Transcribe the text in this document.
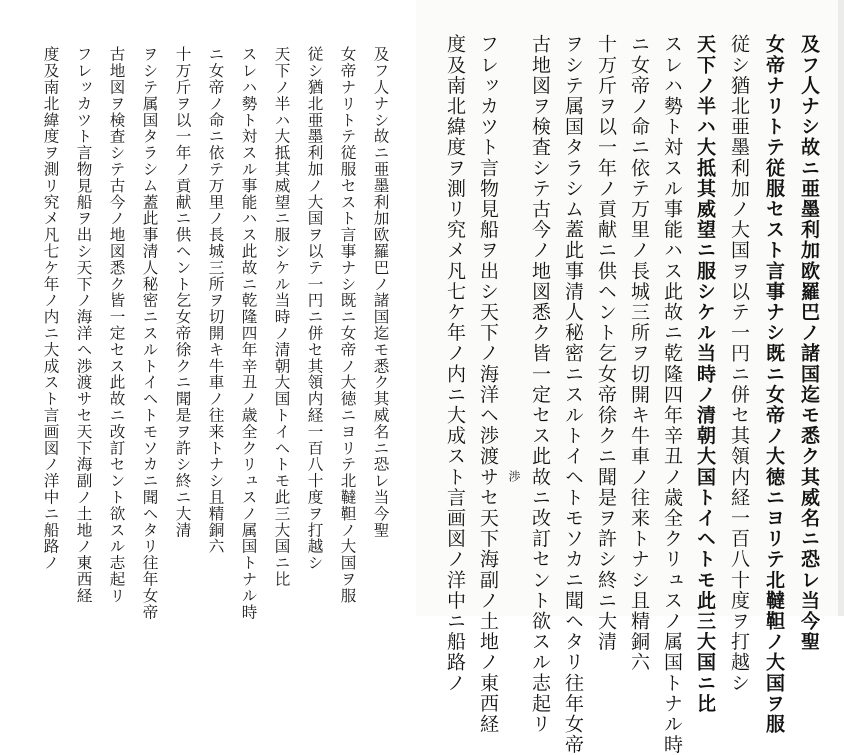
及フ人ナシ故ニ亜墨利加欧羅巴ノ諸国迄モ悉ク其威名ニ恐レ当今聖
女帝ナリトテ従服セスト言事ナシ既ニ女帝ノ大徳ニヨリテ北韃靼ノ大国ヲ服
従シ猶北亜墨利加ノ大国ヲ以テ一円ニ併セ其領内経一百八十度ヲ打越シ
天下ノ半ハ大抵其威望ニ服シケル当時ノ清朝大国トイヘトモ此三大国ニ比
スレハ勢ト対スル事能ハス此故ニ乾隆四年辛丑ノ歳全クリュスノ属国トナル時
ニ女帝ノ命ニ依テ万里ノ長城三所ヲ切開キ牛車ノ往来トナシ且精銅六
十万斤ヲ以一年ノ貢献ニ供ヘント乞女帝徐クニ聞是ヲ許シ終ニ大清
ヲシテ属国タラシム蓋此事清人秘密ニスルトイヘトモソカニ聞ヘタリ往年女帝
古地図ヲ検査シテ古今ノ地図悉ク皆一定セス此故ニ改訂セント欲スル志起リ
フレッカツト言物見船ヲ出シ天下ノ海洋ヘ渉渡サセ天下海副ノ土地ノ東西経
度及南北緯度ヲ測リ究メ凡七ケ年ノ内ニ大成スト言画図ノ洋中ニ船路ノ	及フ人ナシ故ニ亜墨利加欧羅巴ノ諸国迄モ悉ク其威名ニ恐レ当今聖
女帝ナリトテ従服セスト言事ナシ既ニ女帝ノ大徳ニヨリテ北韃靼ノ大国ヲ服
従シ猶北亜墨利加ノ大国ヲ以テ一円ニ併セ其領内経一百八十度ヲ打越シ
天下ノ半ハ大抵其威望ニ服シケル当時ノ清朝大国トイヘトモ此三大国ニ比
スレハ勢ト対スル事能ハス此故ニ乾隆四年辛丑ノ歳全クリュスノ属国トナル時
ニ女帝ノ命ニ依テ万里ノ長城三所ヲ切開キ牛車ノ往来トナシ且精銅六
十万斤ヲ以一年ノ貢献ニ供ヘント乞女帝徐クニ聞是ヲ許シ終ニ大清
ヲシテ属国タラシム蓋此事清人秘密ニスルトイヘトモソカニ聞ヘタリ往年女帝
古地図ヲ検査シテ古今ノ地図悉ク皆一定セス此故ニ改訂セント欲スル志起リ
フレッカツト言物見船ヲ出シ天下ノ海洋ヘ渉渡サセ天下海副ノ土地ノ東西経
度及南北緯度ヲ測リ究メ凡七ケ年ノ内ニ大成スト言画図ノ洋中ニ船路ノ	渉
